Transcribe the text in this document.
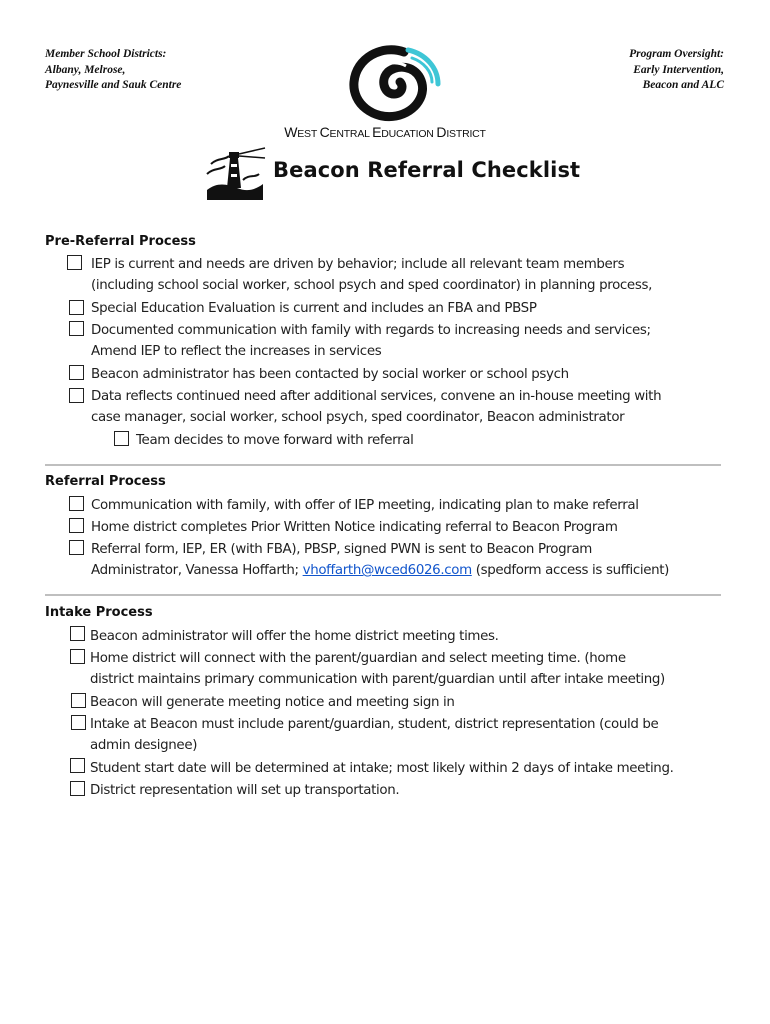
Member School Districts:
Albany, Melrose,
Paynesville and Sauk Centre
Program Oversight:
Early Intervention,
Beacon and ALC
WEST CENTRAL EDUCATION DISTRICT
Beacon Referral Checklist
Pre-Referral Process
IEP is current and needs are driven by behavior; include all relevant team members
(including school social worker, school psych and sped coordinator) in planning process,
Special Education Evaluation is current and includes an FBA and PBSP
Documented communication with family with regards to increasing needs and services;
Amend IEP to reflect the increases in services
Beacon administrator has been contacted by social worker or school psych
Data reflects continued need after additional services, convene an in-house meeting with
case manager, social worker, school psych, sped coordinator, Beacon administrator
Team decides to move forward with referral
Referral Process
Communication with family, with offer of IEP meeting, indicating plan to make referral
Home district completes Prior Written Notice indicating referral to Beacon Program
Referral form, IEP, ER (with FBA), PBSP, signed PWN is sent to Beacon Program
Administrator, Vanessa Hoffarth; vhoffarth@wced6026.com (spedform access is sufficient)
Intake Process
Beacon administrator will offer the home district meeting times.
Home district will connect with the parent/guardian and select meeting time. (home
district maintains primary communication with parent/guardian until after intake meeting)
Beacon will generate meeting notice and meeting sign in
Intake at Beacon must include parent/guardian, student, district representation (could be
admin designee)
Student start date will be determined at intake; most likely within 2 days of intake meeting.
District representation will set up transportation.
